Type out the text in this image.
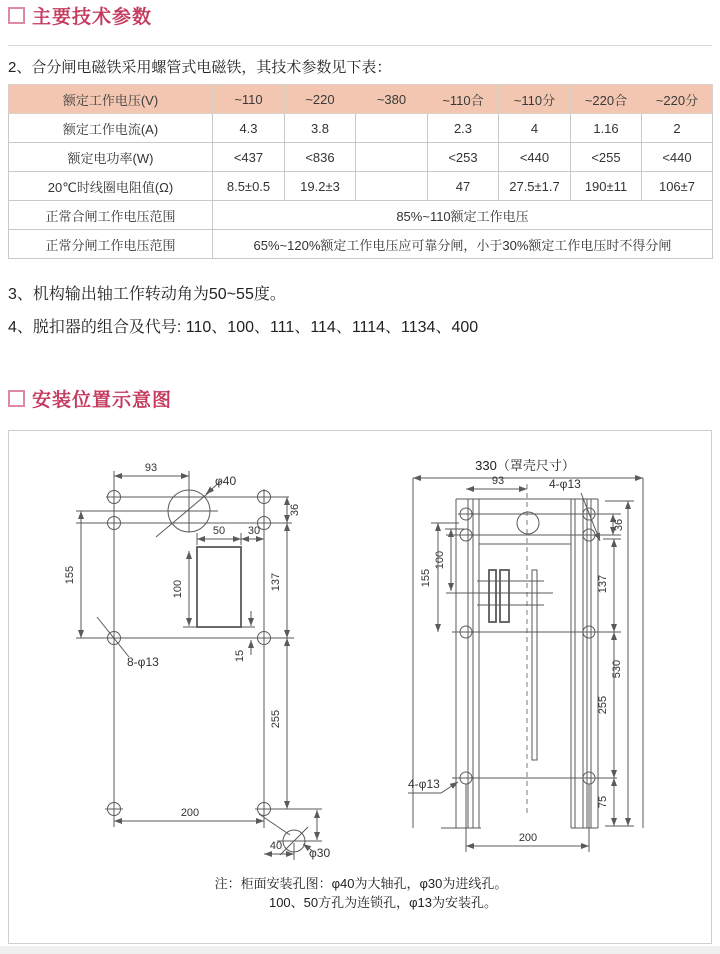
主要技术参数
2、合分闸电磁铁采用螺管式电磁铁，其技术参数见下表：
额定工作电压(V)	~110	~220	~380	~110合	~110分	~220合	~220分
额定工作电流(A)	4.3	3.8		2.3	4	1.16	2
额定电功率(W)	<437	<836		<253	<440	<255	<440
20℃时线圈电阻值(Ω)	8.5±0.5	19.2±3		47	27.5±1.7	190±11	106±7
正常合闸工作电压范围	85%~110额定工作电压						
正常分闸工作电压范围	65%~120%额定工作电压应可靠分闸，小于30%额定工作电压时不得分闸						
3、机构输出轴工作转动角为50~55度。
4、脱扣器的组合及代号: 110、100、111、114、1114、1134、400
安装位置示意图
φ40
93
36
50 30
155
100	137
15
8-φ13
255
200
φ30
40
330（罩壳尺寸）
93	4-φ13
36
100
155	137
530
255
75
4-φ13
200
注：柜面安装孔图：φ40为大轴孔，φ30为进线孔。
100、50方孔为连锁孔，φ13为安装孔。
